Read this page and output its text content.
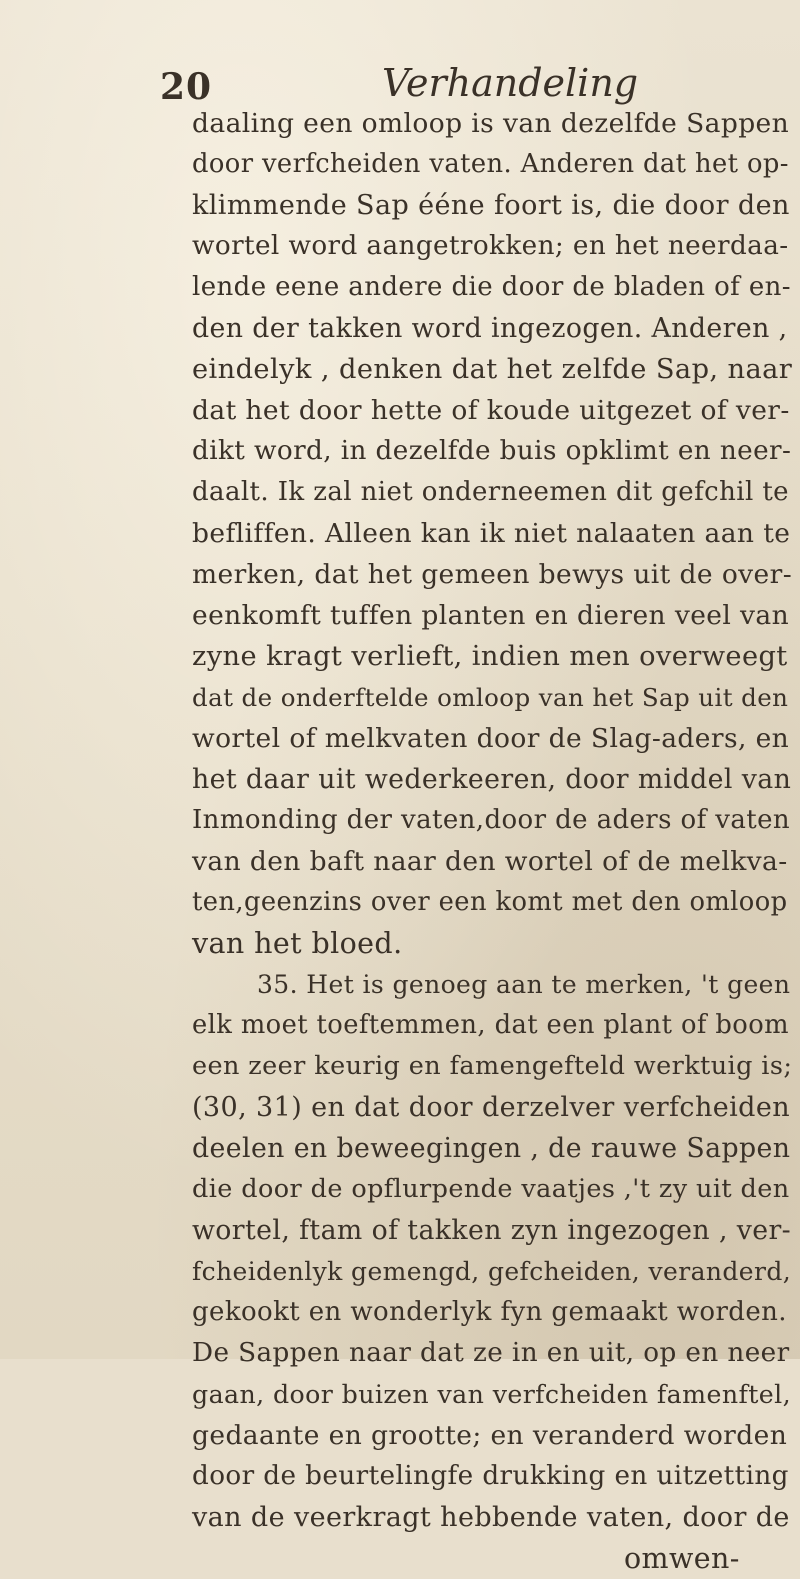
20	Verhandeling
daaling een omloop is van dezelfde Sappen
door verfcheiden vaten. Anderen dat het op-
klimmende Sap ééne foort is, die door den
wortel word aangetrokken; en het neerdaa-
lende eene andere die door de bladen of en-
den der takken word ingezogen. Anderen ,
eindelyk , denken dat het zelfde Sap, naar
dat het door hette of koude uitgezet of ver-
dikt word, in dezelfde buis opklimt en neer-
daalt. Ik zal niet onderneemen dit gefchil te
befliffen. Alleen kan ik niet nalaaten aan te
merken, dat het gemeen bewys uit de over-
eenkomft tuffen planten en dieren veel van
zyne kragt verlieft, indien men overweegt
dat de onderftelde omloop van het Sap uit den
wortel of melkvaten door de Slag-aders, en
het daar uit wederkeeren, door middel van
Inmonding der vaten,door de aders of vaten
van den baft naar den wortel of de melkva-
ten,geenzins over een komt met den omloop
van het bloed.
35. Het is genoeg aan te merken, 't geen
elk moet toeftemmen, dat een plant of boom
een zeer keurig en famengefteld werktuig is;
(30, 31) en dat door derzelver verfcheiden
deelen en beweegingen , de rauwe Sappen
die door de opflurpende vaatjes ,'t zy uit den
wortel, ftam of takken zyn ingezogen , ver-
fcheidenlyk gemengd, gefcheiden, veranderd,
gekookt en wonderlyk fyn gemaakt worden.
De Sappen naar dat ze in en uit, op en neer
gaan, door buizen van verfcheiden famenftel,
gedaante en grootte; en veranderd worden
door de beurtelingfe drukking en uitzetting
van de veerkragt hebbende vaten, door de
omwen-
